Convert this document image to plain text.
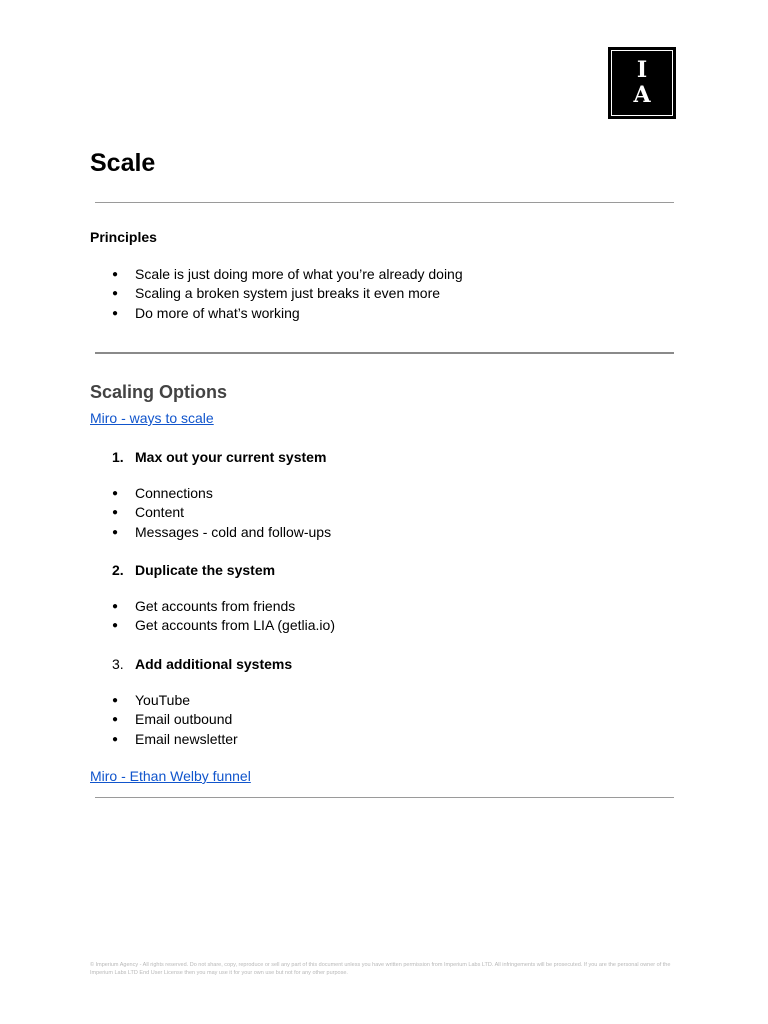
I
A
Scale
Principles
● Scale is just doing more of what you’re already doing
● Scaling a broken system just breaks it even more
● Do more of what’s working
Scaling Options
Miro - ways to scale
1. Max out your current system
● Connections
● Content
● Messages - cold and follow-ups
2. Duplicate the system
● Get accounts from friends
● Get accounts from LIA (getlia.io)
3. Add additional systems
● YouTube
● Email outbound
● Email newsletter
Miro - Ethan Welby funnel

© Imperium Agency - All rights reserved. Do not share, copy, reproduce or sell any part of this document unless you have written permission from Imperium Labs LTD. All infringements will be prosecuted. If you are the personal owner of the Imperium Labs LTD End User License then you may use it for your own use but not for any other purpose.
